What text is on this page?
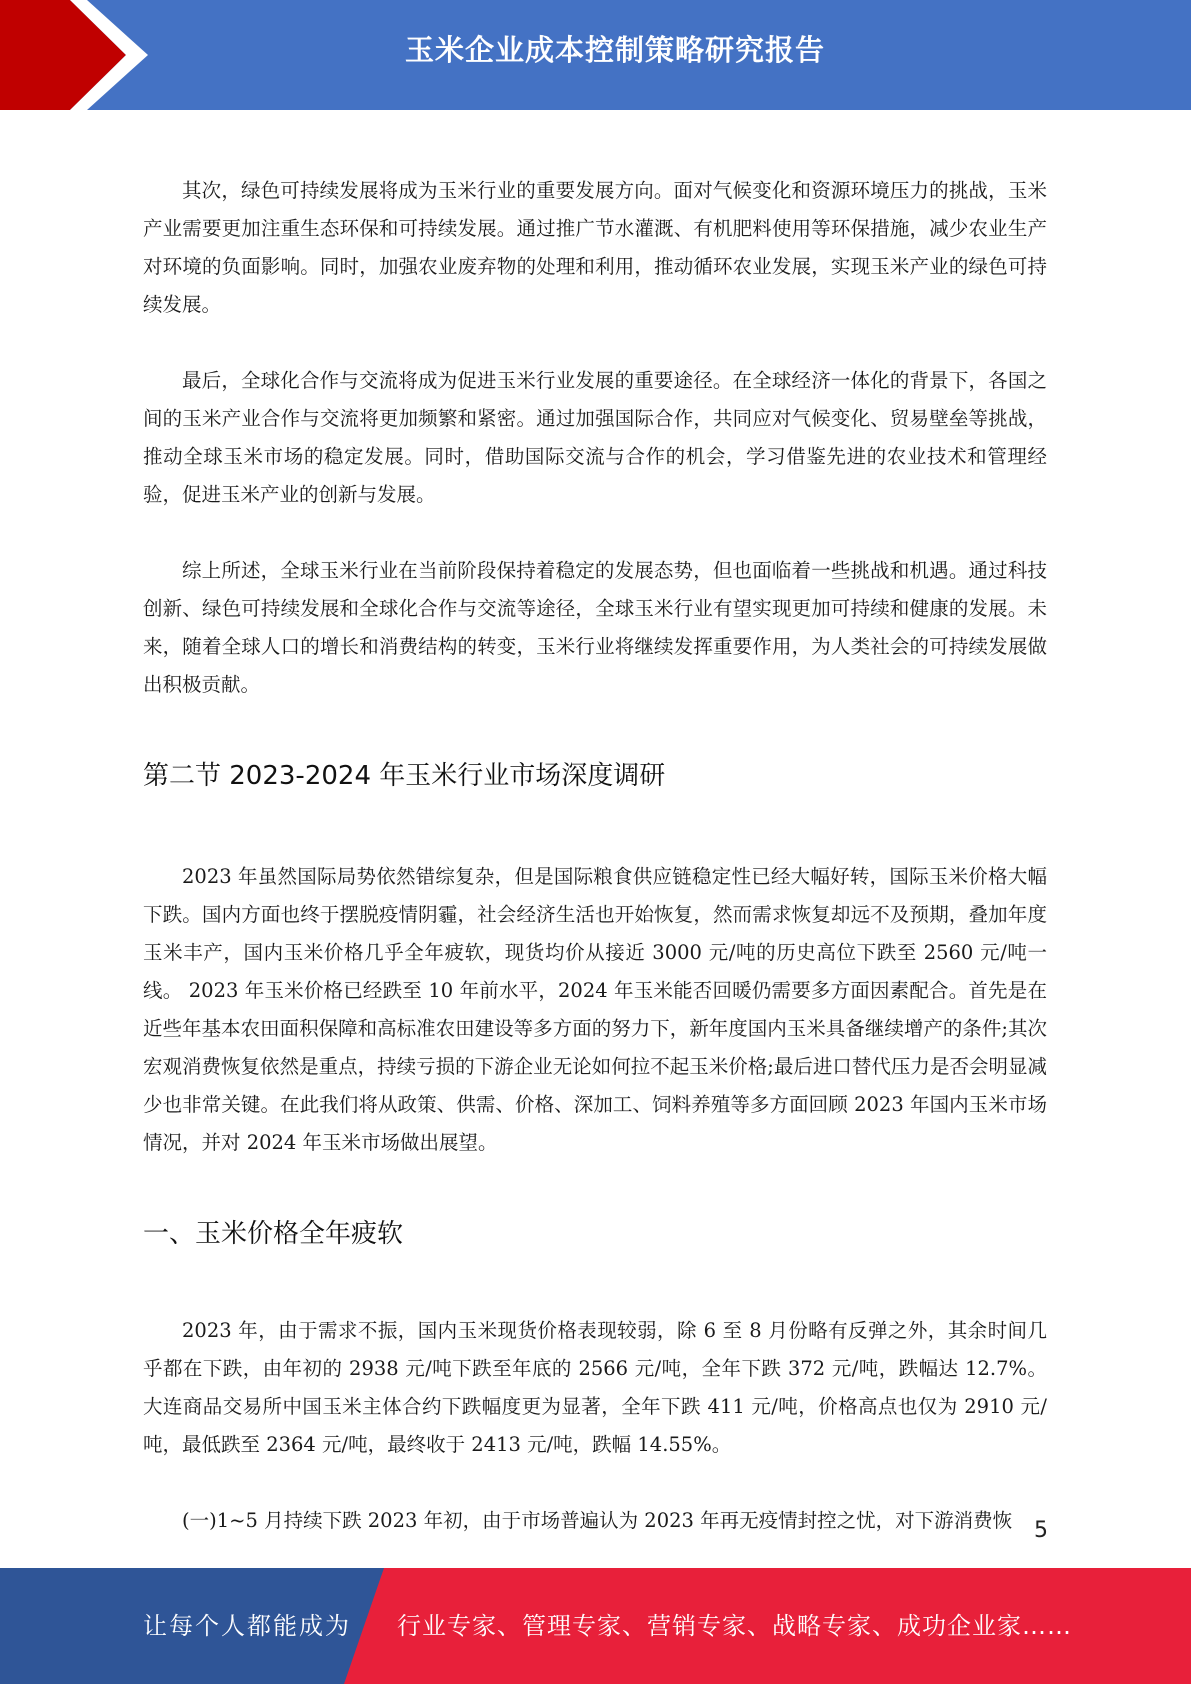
玉米企业成本控制策略研究报告

其次，绿色可持续发展将成为玉米行业的重要发展方向。面对气候变化和资源环境压力的挑战，玉米产业需要更加注重生态环保和可持续发展。通过推广节水灌溉、有机肥料使用等环保措施，减少农业生产对环境的负面影响。同时，加强农业废弃物的处理和利用，推动循环农业发展，实现玉米产业的绿色可持续发展。

最后，全球化合作与交流将成为促进玉米行业发展的重要途径。在全球经济一体化的背景下，各国之间的玉米产业合作与交流将更加频繁和紧密。通过加强国际合作，共同应对气候变化、贸易壁垒等挑战，推动全球玉米市场的稳定发展。同时，借助国际交流与合作的机会，学习借鉴先进的农业技术和管理经验，促进玉米产业的创新与发展。

综上所述，全球玉米行业在当前阶段保持着稳定的发展态势，但也面临着一些挑战和机遇。通过科技创新、绿色可持续发展和全球化合作与交流等途径，全球玉米行业有望实现更加可持续和健康的发展。未来，随着全球人口的增长和消费结构的转变，玉米行业将继续发挥重要作用，为人类社会的可持续发展做出积极贡献。

第二节 2023-2024 年玉米行业市场深度调研

2023 年虽然国际局势依然错综复杂，但是国际粮食供应链稳定性已经大幅好转，国际玉米价格大幅下跌。国内方面也终于摆脱疫情阴霾，社会经济生活也开始恢复，然而需求恢复却远不及预期，叠加年度玉米丰产，国内玉米价格几乎全年疲软，现货均价从接近 3000 元/吨的历史高位下跌至 2560 元/吨一线。 2023 年玉米价格已经跌至 10 年前水平，2024 年玉米能否回暖仍需要多方面因素配合。首先是在近些年基本农田面积保障和高标准农田建设等多方面的努力下，新年度国内玉米具备继续增产的条件;其次宏观消费恢复依然是重点，持续亏损的下游企业无论如何拉不起玉米价格;最后进口替代压力是否会明显减少也非常关键。在此我们将从政策、供需、价格、深加工、饲料养殖等多方面回顾 2023 年国内玉米市场情况，并对 2024 年玉米市场做出展望。

一、玉米价格全年疲软

2023 年，由于需求不振，国内玉米现货价格表现较弱，除 6 至 8 月份略有反弹之外，其余时间几乎都在下跌，由年初的 2938 元/吨下跌至年底的 2566 元/吨，全年下跌 372 元/吨，跌幅达 12.7%。大连商品交易所中国玉米主体合约下跌幅度更为显著，全年下跌 411 元/吨，价格高点也仅为 2910 元/ 吨，最低跌至 2364 元/吨，最终收于 2413 元/吨，跌幅 14.55%。

(一)1~5 月持续下跌 2023 年初，由于市场普遍认为 2023 年再无疫情封控之忧，对下游消费恢 5
让每个人都能成为 行业专家、管理专家、营销专家、战略专家、成功企业家……
